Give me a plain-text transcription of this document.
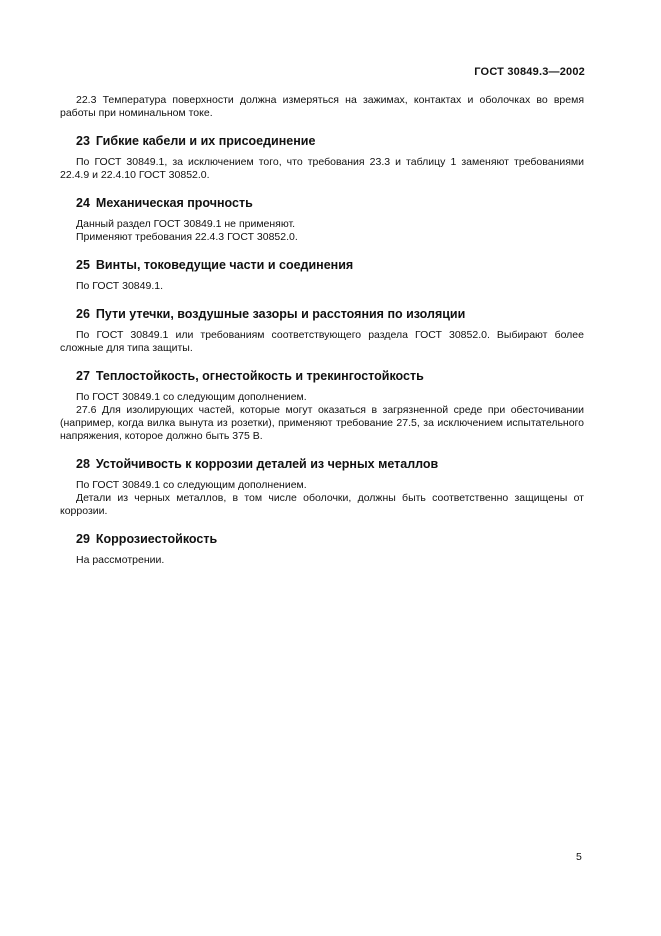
ГОСТ 30849.3—2002

22.3 Температура поверхности должна измеряться на зажимах, контактах и оболочках во время работы при номинальном токе.

23 Гибкие кабели и их присоединение

По ГОСТ 30849.1, за исключением того, что требования 23.3 и таблицу 1 заменяют требованиями 22.4.9 и 22.4.10 ГОСТ 30852.0.

24 Механическая прочность

Данный раздел ГОСТ 30849.1 не применяют.

Применяют требования 22.4.3 ГОСТ 30852.0.

25 Винты, токоведущие части и соединения

По ГОСТ 30849.1.

26 Пути утечки, воздушные зазоры и расстояния по изоляции

По ГОСТ 30849.1 или требованиям соответствующего раздела ГОСТ 30852.0. Выбирают более сложные для типа защиты.

27 Теплостойкость, огнестойкость и трекингостойкость

По ГОСТ 30849.1 со следующим дополнением.

27.6 Для изолирующих частей, которые могут оказаться в загрязненной среде при обесточивании (например, когда вилка вынута из розетки), применяют требование 27.5, за исключением испытательного напряжения, которое должно быть 375 В.

28 Устойчивость к коррозии деталей из черных металлов

По ГОСТ 30849.1 со следующим дополнением.

Детали из черных металлов, в том числе оболочки, должны быть соответственно защищены от коррозии.

29 Коррозиестойкость

На рассмотрении.

5
